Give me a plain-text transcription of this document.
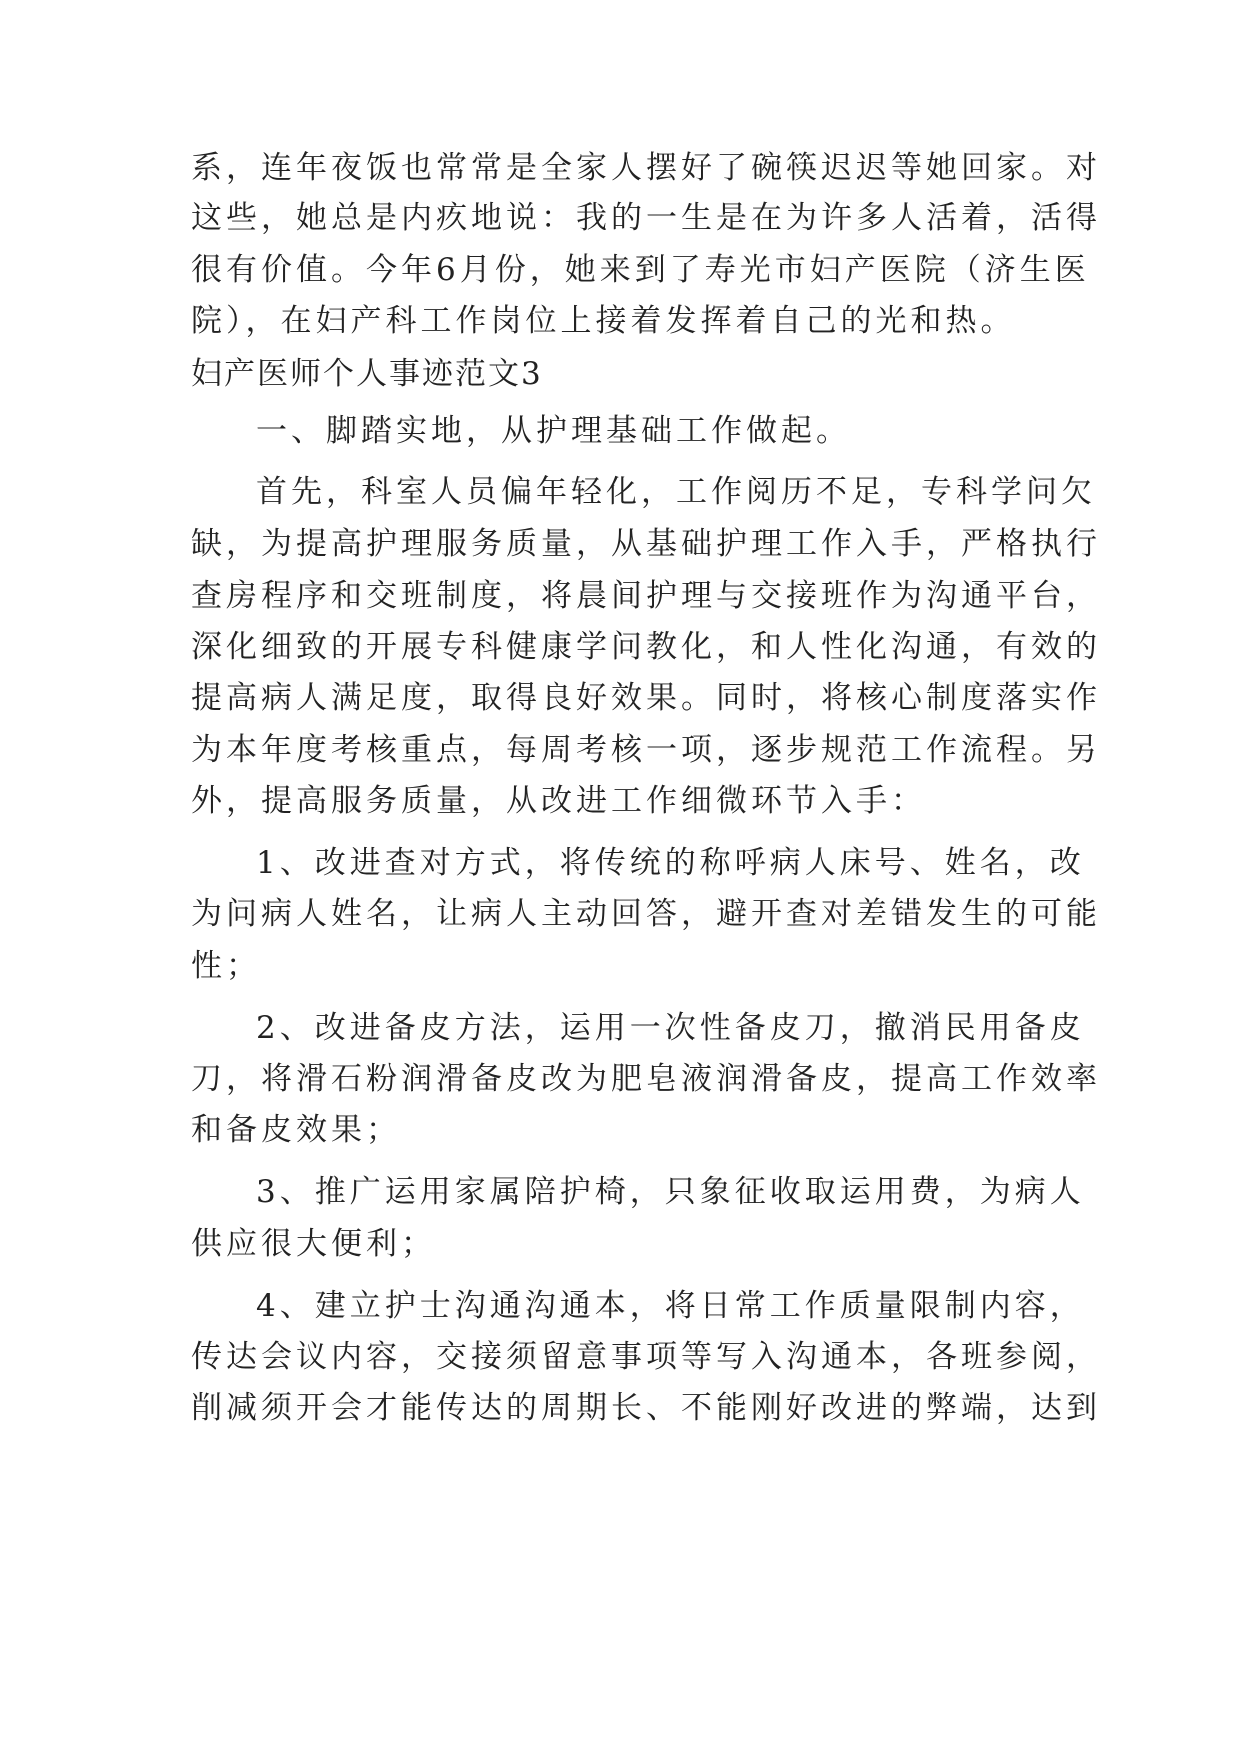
系，连年夜饭也常常是全家人摆好了碗筷迟迟等她回家。对
这些，她总是内疚地说：我的一生是在为许多人活着，活得
很有价值。今年6月份，她来到了寿光市妇产医院（济生医
院），在妇产科工作岗位上接着发挥着自己的光和热。
妇产医师个人事迹范文3
一、脚踏实地，从护理基础工作做起。
首先，科室人员偏年轻化，工作阅历不足，专科学问欠
缺，为提高护理服务质量，从基础护理工作入手，严格执行
查房程序和交班制度，将晨间护理与交接班作为沟通平台，
深化细致的开展专科健康学问教化，和人性化沟通，有效的
提高病人满足度，取得良好效果。同时，将核心制度落实作
为本年度考核重点，每周考核一项，逐步规范工作流程。另
外，提高服务质量，从改进工作细微环节入手：
1、改进查对方式，将传统的称呼病人床号、姓名，改
为问病人姓名，让病人主动回答，避开查对差错发生的可能
性；
2、改进备皮方法，运用一次性备皮刀，撤消民用备皮
刀，将滑石粉润滑备皮改为肥皂液润滑备皮，提高工作效率
和备皮效果；
3、推广运用家属陪护椅，只象征收取运用费，为病人
供应很大便利；
4、建立护士沟通沟通本，将日常工作质量限制内容，
传达会议内容，交接须留意事项等写入沟通本，各班参阅，
削减须开会才能传达的周期长、不能刚好改进的弊端，达到
